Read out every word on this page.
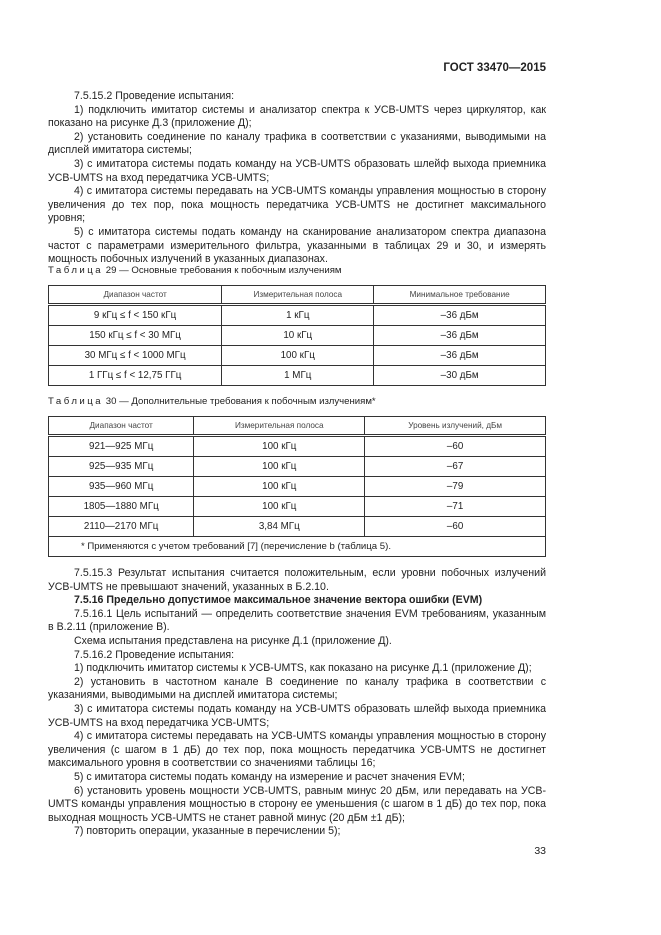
ГОСТ 33470—2015

7.5.15.2 Проведение испытания:

1) подключить имитатор системы и анализатор спектра к УСВ-UMTS через циркулятор, как показано на рисунке Д.3 (приложение Д);

2) установить соединение по каналу трафика в соответствии с указаниями, выводимыми на дисплей имитатора системы;

3) с имитатора системы подать команду на УСВ-UMTS образовать шлейф выхода приемника УСВ-UMTS на вход передатчика УСВ-UMTS;

4) с имитатора системы передавать на УСВ-UMTS команды управления мощностью в сторону увеличения до тех пор, пока мощность передатчика УСВ-UMTS не достигнет максимального уровня;

5) с имитатора системы подать команду на сканирование анализатором спектра диапазона частот с параметрами измерительного фильтра, указанными в таблицах 29 и 30, и измерять мощность побочных излучений в указанных диапазонах.

Таблица 29 — Основные требования к побочным излучениям
Диапазон частот	Измерительная полоса	Минимальное требование
9 кГц ≤ f < 150 кГц	1 кГц	–36 дБм
150 кГц ≤ f < 30 МГц	10 кГц	–36 дБм
30 МГц ≤ f < 1000 МГц	100 кГц	–36 дБм
1 ГГц ≤ f < 12,75 ГГц	1 МГц	–30 дБм
Таблица 30 — Дополнительные требования к побочным излучениям*
Диапазон частот	Измерительная полоса	Уровень излучений, дБм
921—925 МГц	100 кГц	–60
925—935 МГц	100 кГц	–67
935—960 МГц	100 кГц	–79
1805—1880 МГц	100 кГц	–71
2110—2170 МГц	3,84 МГц	–60
* Применяются с учетом требований [7] (перечисление b (таблица 5).		

7.5.15.3 Результат испытания считается положительным, если уровни побочных излучений УСВ-UMTS не превышают значений, указанных в Б.2.10.

7.5.16 Предельно допустимое максимальное значение вектора ошибки (EVM)

7.5.16.1 Цель испытаний — определить соответствие значения EVM требованиям, указанным в В.2.11 (приложение В).

Схема испытания представлена на рисунке Д.1 (приложение Д).

7.5.16.2 Проведение испытания:

1) подключить имитатор системы к УСВ-UMTS, как показано на рисунке Д.1 (приложение Д);

2) установить в частотном канале B соединение по каналу трафика в соответствии с указаниями, выводимыми на дисплей имитатора системы;

3) с имитатора системы подать команду на УСВ-UMTS образовать шлейф выхода приемника УСВ-UMTS на вход передатчика УСВ-UMTS;

4) с имитатора системы передавать на УСВ-UMTS команды управления мощностью в сторону увеличения (с шагом в 1 дБ) до тех пор, пока мощность передатчика УСВ-UMTS не достигнет максимального уровня в соответствии со значениями таблицы 16;

5) с имитатора системы подать команду на измерение и расчет значения EVM;

6) установить уровень мощности УСВ-UMTS, равным минус 20 дБм, или передавать на УСВ-UMTS команды управления мощностью в сторону ее уменьшения (с шагом в 1 дБ) до тех пор, пока выходная мощность УСВ-UMTS не станет равной минус (20 дБм ±1 дБ);

7) повторить операции, указанные в перечислении 5);

33
